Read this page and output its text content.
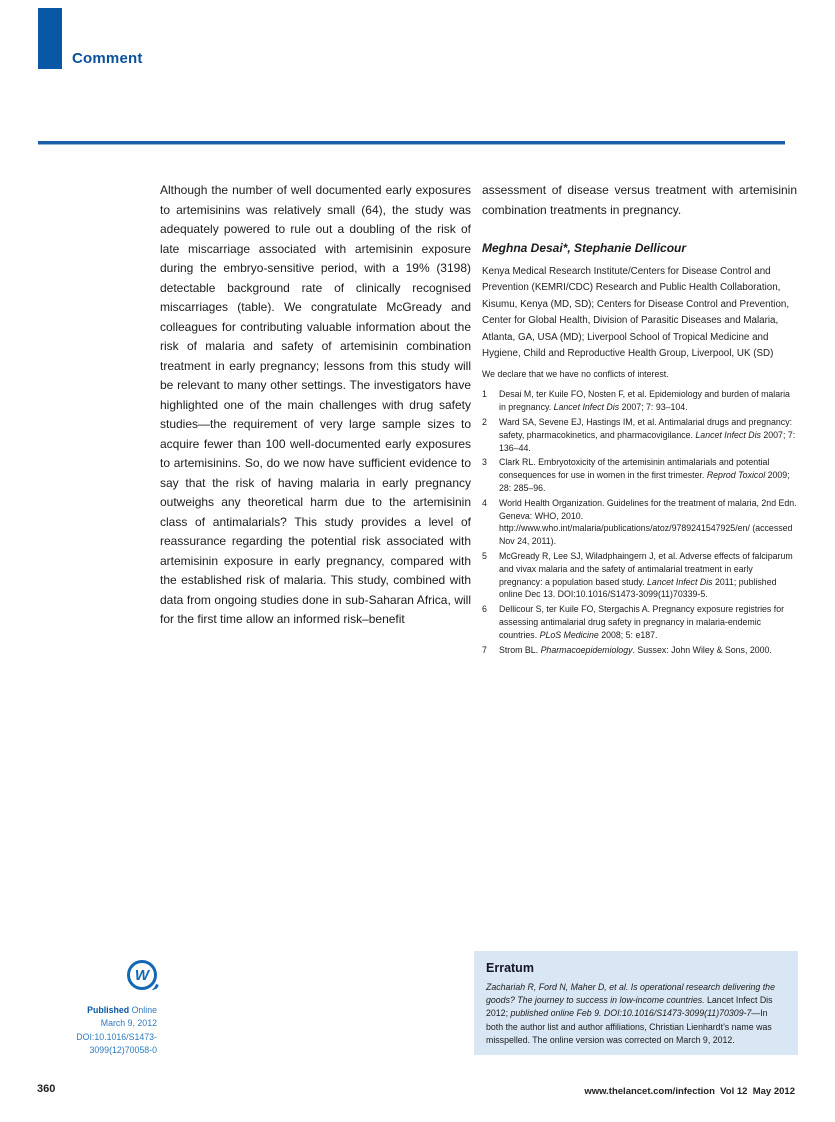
Comment
Although the number of well documented early exposures to artemisinins was relatively small (64), the study was adequately powered to rule out a doubling of the risk of late miscarriage associated with artemisinin exposure during the embryo-sensitive period, with a 19% (3198) detectable background rate of clinically recognised miscarriages (table). We congratulate McGready and colleagues for contributing valuable information about the risk of malaria and safety of artemisinin combination treatment in early pregnancy; lessons from this study will be relevant to many other settings. The investigators have highlighted one of the main challenges with drug safety studies—the requirement of very large sample sizes to acquire fewer than 100 well-documented early exposures to artemisinins. So, do we now have sufficient evidence to say that the risk of having malaria in early pregnancy outweighs any theoretical harm due to the artemisinin class of antimalarials? This study provides a level of reassurance regarding the potential risk associated with artemisinin exposure in early pregnancy, compared with the established risk of malaria. This study, combined with data from ongoing studies done in sub-Saharan Africa, will for the first time allow an informed risk–benefit
assessment of disease versus treatment with artemisinin combination treatments in pregnancy.
Meghna Desai*, Stephanie Dellicour
Kenya Medical Research Institute/Centers for Disease Control and Prevention (KEMRI/CDC) Research and Public Health Collaboration, Kisumu, Kenya (MD, SD); Centers for Disease Control and Prevention, Center for Global Health, Division of Parasitic Diseases and Malaria, Atlanta, GA, USA (MD); Liverpool School of Tropical Medicine and Hygiene, Child and Reproductive Health Group, Liverpool, UK (SD)
We declare that we have no conflicts of interest.
1	Desai M, ter Kuile FO, Nosten F, et al. Epidemiology and burden of malaria in pregnancy. Lancet Infect Dis 2007; 7: 93–104.
2	Ward SA, Sevene EJ, Hastings IM, et al. Antimalarial drugs and pregnancy: safety, pharmacokinetics, and pharmacovigilance. Lancet Infect Dis 2007; 7: 136–44.
3	Clark RL. Embryotoxicity of the artemisinin antimalarials and potential consequences for use in women in the first trimester. Reprod Toxicol 2009; 28: 285–96.
4	World Health Organization. Guidelines for the treatment of malaria, 2nd Edn. Geneva: WHO, 2010. http://www.who.int/malaria/publications/atoz/9789241547925/en/ (accessed Nov 24, 2011).
5	McGready R, Lee SJ, Wiladphaingern J, et al. Adverse effects of falciparum and vivax malaria and the safety of antimalarial treatment in early pregnancy: a population based study. Lancet Infect Dis 2011; published online Dec 13. DOI:10.1016/S1473-3099(11)70339-5.
6	Dellicour S, ter Kuile FO, Stergachis A. Pregnancy exposure registries for assessing antimalarial drug safety in pregnancy in malaria-endemic countries. PLoS Medicine 2008; 5: e187.
7	Strom BL. Pharmacoepidemiology. Sussex: John Wiley & Sons, 2000.
W
Published Online
March 9, 2012
DOI:10.1016/S1473-
3099(12)70058-0
Erratum
Zachariah R, Ford N, Maher D, et al. Is operational research delivering the goods? The journey to success in low-income countries. Lancet Infect Dis 2012; published online Feb 9. DOI:10.1016/S1473-3099(11)70309-7—In both the author list and author affiliations, Christian Lienhardt’s name was misspelled. The online version was corrected on March 9, 2012.
360	www.thelancet.com/infection  Vol 12  May 2012
